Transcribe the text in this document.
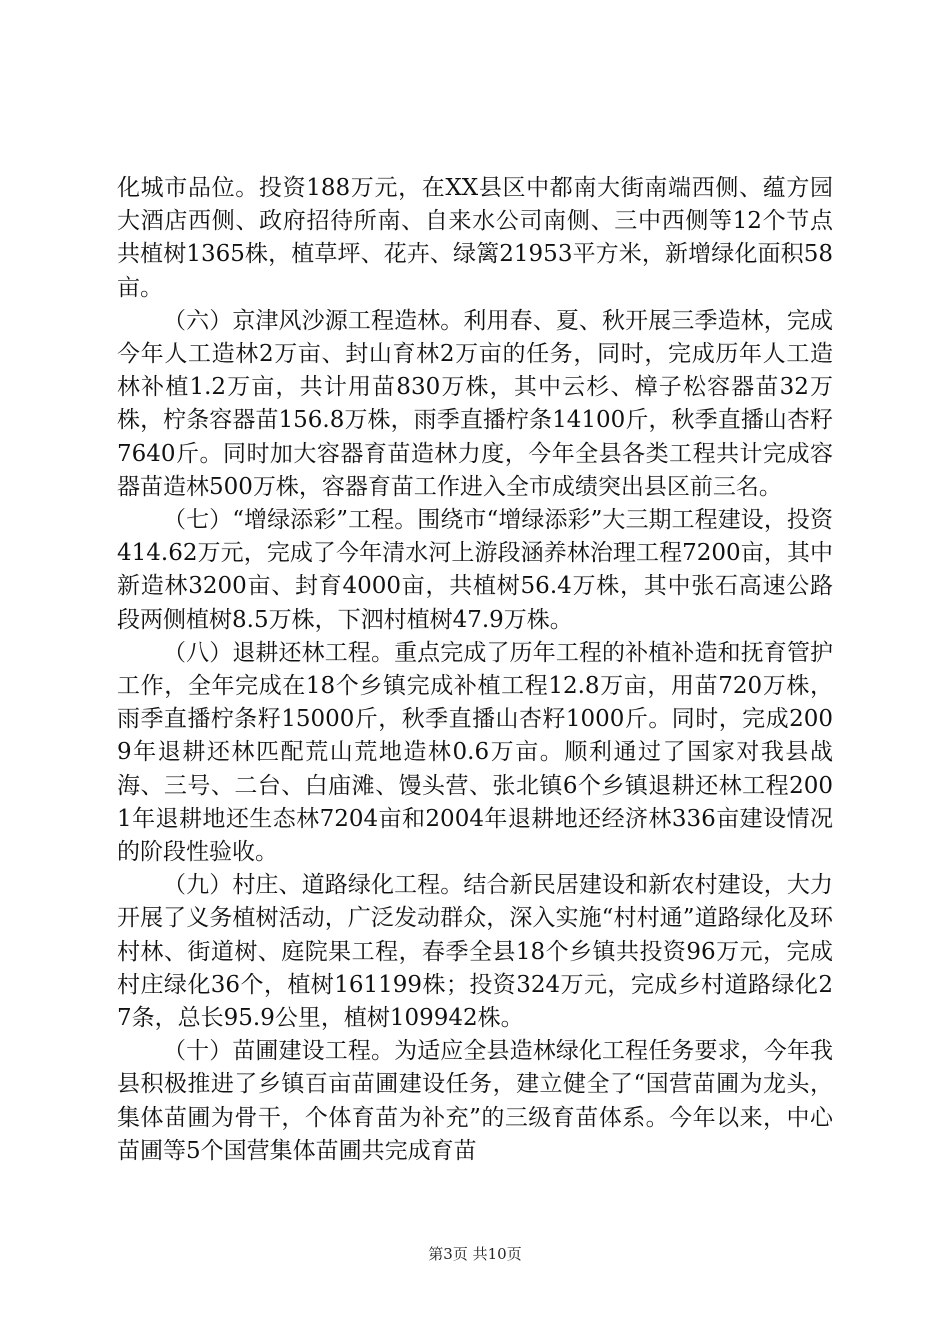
化城市品位。投资188万元，在XX县区中都南大街南端西侧、蕴方园大酒店西侧、政府招待所南、自来水公司南侧、三中西侧等12个节点共植树1365株，植草坪、花卉、绿篱21953平方米，新增绿化面积58亩。

（六）京津风沙源工程造林。利用春、夏、秋开展三季造林，完成今年人工造林2万亩、封山育林2万亩的任务，同时，完成历年人工造林补植1.2万亩，共计用苗830万株，其中云杉、樟子松容器苗32万株，柠条容器苗156.8万株，雨季直播柠条14100斤，秋季直播山杏籽7640斤。同时加大容器育苗造林力度，今年全县各类工程共计完成容器苗造林500万株，容器育苗工作进入全市成绩突出县区前三名。

（七）“增绿添彩”工程。围绕市“增绿添彩”大三期工程建设，投资414.62万元，完成了今年清水河上游段涵养林治理工程7200亩，其中新造林3200亩、封育4000亩，共植树56.4万株，其中张石高速公路段两侧植树8.5万株，下泗村植树47.9万株。

（八）退耕还林工程。重点完成了历年工程的补植补造和抚育管护工作，全年完成在18个乡镇完成补植工程12.8万亩，用苗720万株，雨季直播柠条籽15000斤，秋季直播山杏籽1000斤。同时，完成2009年退耕还林匹配荒山荒地造林0.6万亩。顺利通过了国家对我县战海、三号、二台、白庙滩、馒头营、张北镇6个乡镇退耕还林工程2001年退耕地还生态林7204亩和2004年退耕地还经济林336亩建设情况的阶段性验收。

（九）村庄、道路绿化工程。结合新民居建设和新农村建设，大力开展了义务植树活动，广泛发动群众，深入实施“村村通”道路绿化及环村林、街道树、庭院果工程，春季全县18个乡镇共投资96万元，完成村庄绿化36个，植树161199株；投资324万元，完成乡村道路绿化27条，总长95.9公里，植树109942株。

（十）苗圃建设工程。为适应全县造林绿化工程任务要求，今年我县积极推进了乡镇百亩苗圃建设任务，建立健全了“国营苗圃为龙头，集体苗圃为骨干，个体育苗为补充”的三级育苗体系。今年以来，中心苗圃等5个国营集体苗圃共完成育苗

第3页 共10页
